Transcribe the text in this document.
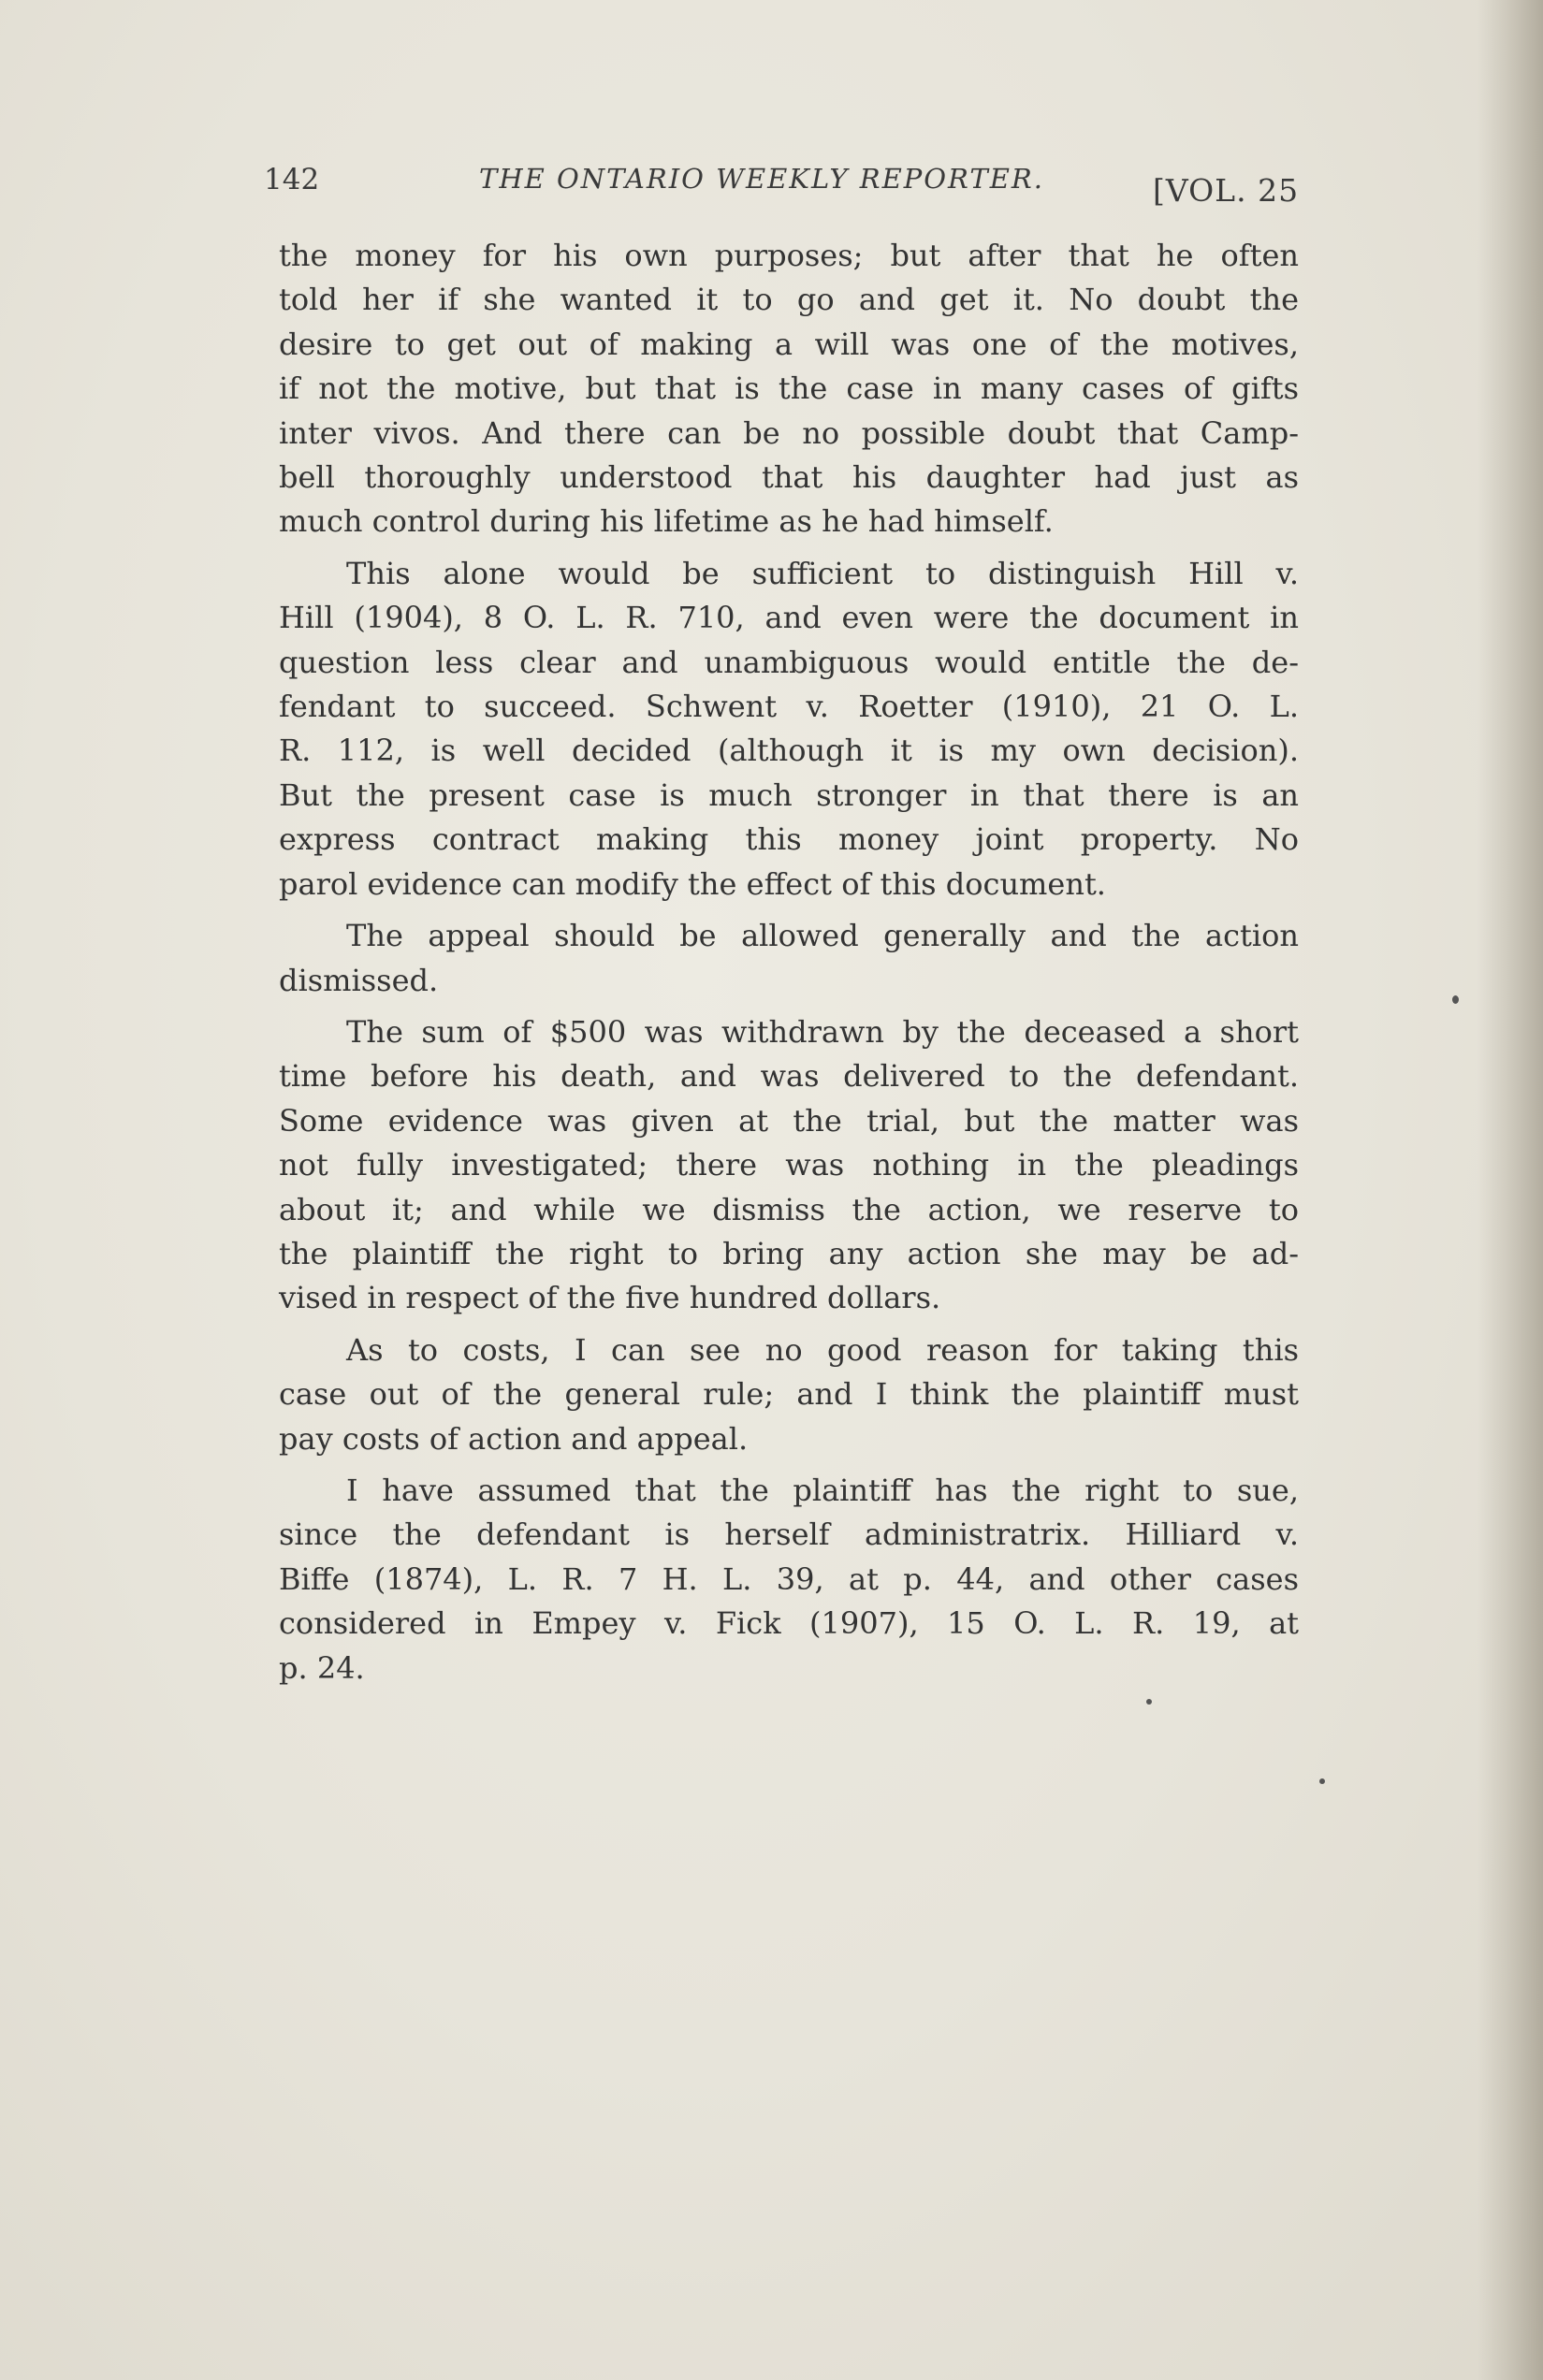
142	THE ONTARIO WEEKLY REPORTER.	[VOL. 25

the money for his own purposes; but after that he often
told her if she wanted it to go and get it. No doubt the
desire to get out of making a will was one of the motives,
if not the motive, but that is the case in many cases of gifts
inter vivos. And there can be no possible doubt that Camp-
bell thoroughly understood that his daughter had just as
much control during his lifetime as he had himself.

This alone would be sufficient to distinguish Hill v.
Hill (1904), 8 O. L. R. 710, and even were the document in
question less clear and unambiguous would entitle the de-
fendant to succeed. Schwent v. Roetter (1910), 21 O. L.
R. 112, is well decided (although it is my own decision).
But the present case is much stronger in that there is an
express contract making this money joint property. No
parol evidence can modify the effect of this document.

The appeal should be allowed generally and the action
dismissed.

The sum of $500 was withdrawn by the deceased a short
time before his death, and was delivered to the defendant.
Some evidence was given at the trial, but the matter was
not fully investigated; there was nothing in the pleadings
about it; and while we dismiss the action, we reserve to
the plaintiff the right to bring any action she may be ad-
vised in respect of the five hundred dollars.

As to costs, I can see no good reason for taking this
case out of the general rule; and I think the plaintiff must
pay costs of action and appeal.

I have assumed that the plaintiff has the right to sue,
since the defendant is herself administratrix. Hilliard v.
Biffe (1874), L. R. 7 H. L. 39, at p. 44, and other cases
considered in Empey v. Fick (1907), 15 O. L. R. 19, at
p. 24.
